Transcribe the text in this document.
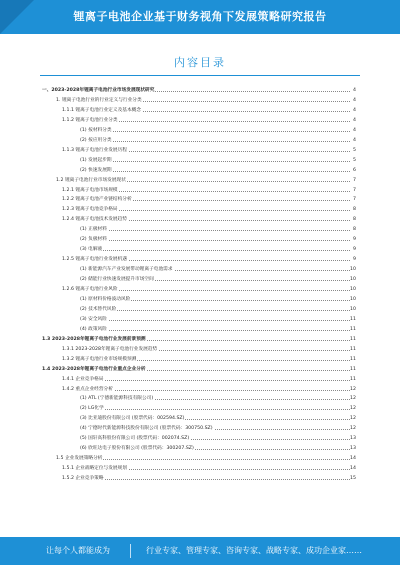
锂离子电池企业基于财务视角下发展策略研究报告
内容目录
一、2023-2028年锂离子电池行业市场发展现状研究	4
1. 锂离子电池行业的行业定义与行业分类	4
1.1.1 锂离子电池行业定义及基本概念	4
1.1.2 锂离子电池行业分类	4
(1) 按材料分类	4
(2) 按应用分类	4
1.1.3 锂离子电池行业发展历程	5
(1) 发展起步期	5
(2) 快速发展期	6
1.2 锂离子电池行业市场发展现状	7
1.2.1 锂离子电池市场规模	7
1.2.2 锂离子电池产业链结构分析	7
1.2.3 锂离子电池竞争格局	8
1.2.4 锂离子电池技术发展趋势	8
(1) 正极材料	8
(2) 负极材料	9
(3) 电解液	9
1.2.5 锂离子电池行业发展机遇	9
(1) 新能源汽车产业发展带动锂离子电池需求	10
(2) 储能行业快速发展提升市场空间	10
1.2.6 锂离子电池行业风险	10
(1) 原材料价格波动风险	10
(2) 技术替代风险	10
(3) 安全风险	11
(4) 政策风险	11
1.3 2023-2028年锂离子电池行业发展前景预测	11
1.3.1 2023-2028年锂离子电池行业发展趋势	11
1.3.2 锂离子电池行业市场规模预测	11
1.4 2023-2028年锂离子电池行业重点企业分析	11
1.4.1 企业竞争格局	11
1.4.2 重点企业经营分析	12
(1) ATL (宁德新能源科技有限公司)	12
(2) LG化学	12
(3) 比亚迪股份有限公司 (股票代码：002594.SZ)	12
(4) 宁德时代新能源科技股份有限公司 (股票代码：300750.SZ)	12
(5) 国轩高科股份有限公司 (股票代码：002074.SZ)	13
(6) 欣旺达电子股份有限公司 (股票代码：300207.SZ)	13
1.5 企业发展策略分析	14
1.5.1 企业战略定位与发展规划	14
1.5.2 企业竞争策略	15
让每个人都能成为	行业专家、管理专家、咨询专家、战略专家、成功企业家……
